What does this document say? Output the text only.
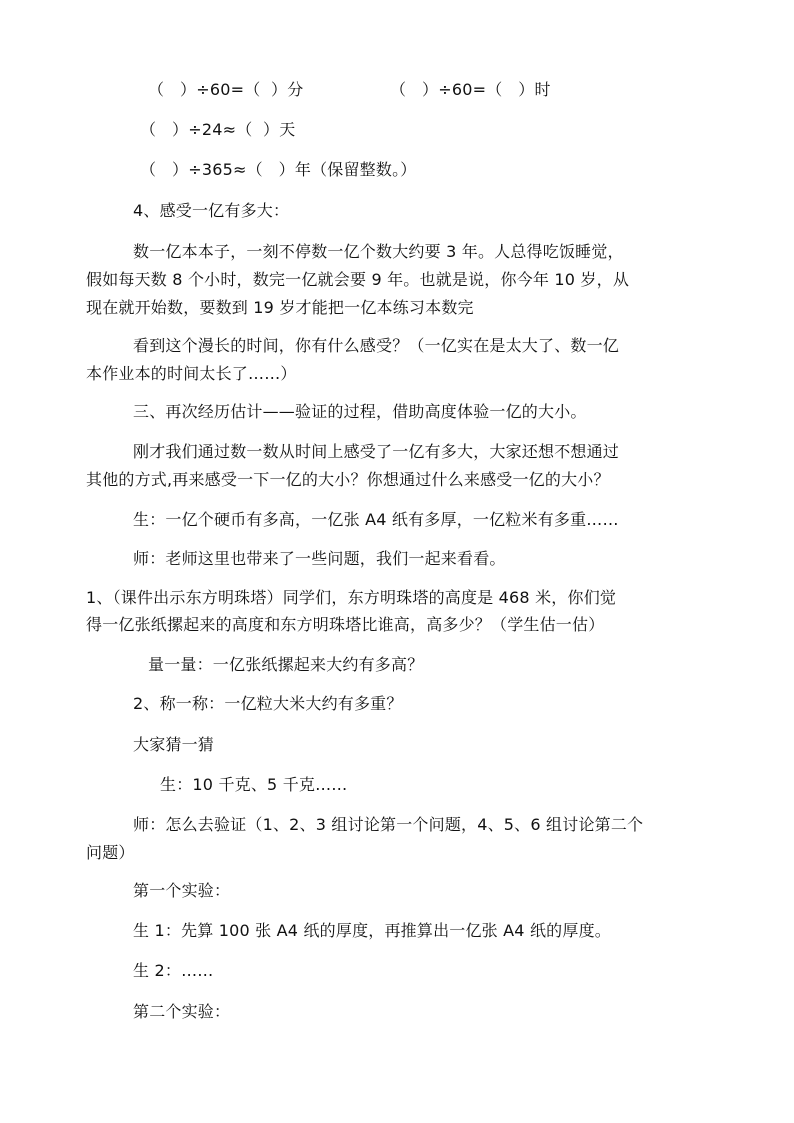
（   ）÷60=（  ）分	（   ）÷60=（   ）时
（   ）÷24≈（  ）天
（   ）÷365≈（   ）年（保留整数。）
4、感受一亿有多大：
数一亿本本子，一刻不停数一亿个数大约要 3 年。人总得吃饭睡觉，
假如每天数 8 个小时，数完一亿就会要 9 年。也就是说，你今年 10 岁，从
现在就开始数，要数到 19 岁才能把一亿本练习本数完
看到这个漫长的时间，你有什么感受？（一亿实在是太大了、数一亿
本作业本的时间太长了……）
三、再次经历估计——验证的过程，借助高度体验一亿的大小。
刚才我们通过数一数从时间上感受了一亿有多大，大家还想不想通过
其他的方式,再来感受一下一亿的大小？你想通过什么来感受一亿的大小？
生：一亿个硬币有多高，一亿张 A4 纸有多厚，一亿粒米有多重……
师：老师这里也带来了一些问题，我们一起来看看。
1、（课件出示东方明珠塔）同学们，东方明珠塔的高度是 468 米，你们觉
得一亿张纸摞起来的高度和东方明珠塔比谁高，高多少？（学生估一估）
量一量：一亿张纸摞起来大约有多高？
2、称一称：一亿粒大米大约有多重？
大家猜一猜
生：10 千克、5 千克……
师：怎么去验证（1、2、3 组讨论第一个问题，4、5、6 组讨论第二个
问题）
第一个实验：
生 1：先算 100 张 A4 纸的厚度，再推算出一亿张 A4 纸的厚度。
生 2：……
第二个实验：
